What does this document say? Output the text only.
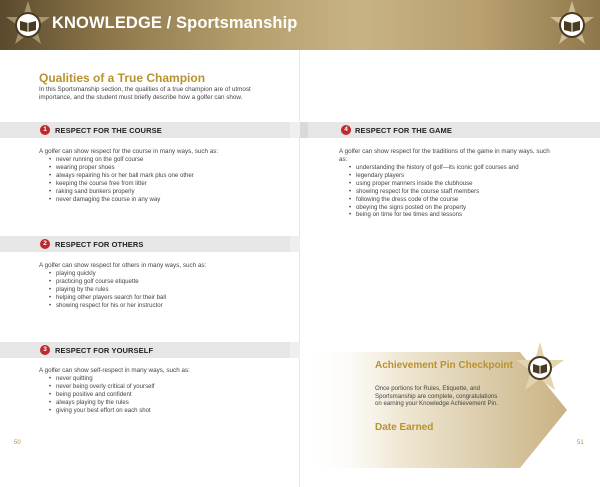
KNOWLEDGE / Sportsmanship
Qualities of a True Champion
In this Sportsmanship section, the qualities of a true champion are of utmost importance, and the student must briefly describe how a golfer can show.
1	RESPECT FOR THE COURSE
A golfer can show respect for the course in many ways, such as:
• never running on the golf course
• wearing proper shoes
• always repairing his or her ball mark plus one other
• keeping the course free from litter
• raking sand bunkers properly
• never damaging the course in any way
2	RESPECT FOR OTHERS
A golfer can show respect for others in many ways, such as:
• playing quickly
• practicing golf course etiquette
• playing by the rules
• helping other players search for their ball
• showing respect for his or her instructor
3	RESPECT FOR YOURSELF
A golfer can show self-respect in many ways, such as:
• never quitting
• never being overly critical of yourself
• being positive and confident
• always playing by the rules
• giving your best effort on each shot
4 RESPECT FOR THE GAME
A golfer can show respect for the traditions of the game in many ways, such as:
• understanding the history of golf—its iconic golf courses and
• legendary players
• using proper manners inside the clubhouse
• showing respect for the course staff members
• following the dress code of the course
• obeying the signs posted on the property
• being on time for tee times and lessons
Achievement Pin Checkpoint
Once portions for Rules, Etiquette, and Sportsmanship are complete, congratulations on earning your Knowledge Achievement Pin.
Date Earned
50	51
